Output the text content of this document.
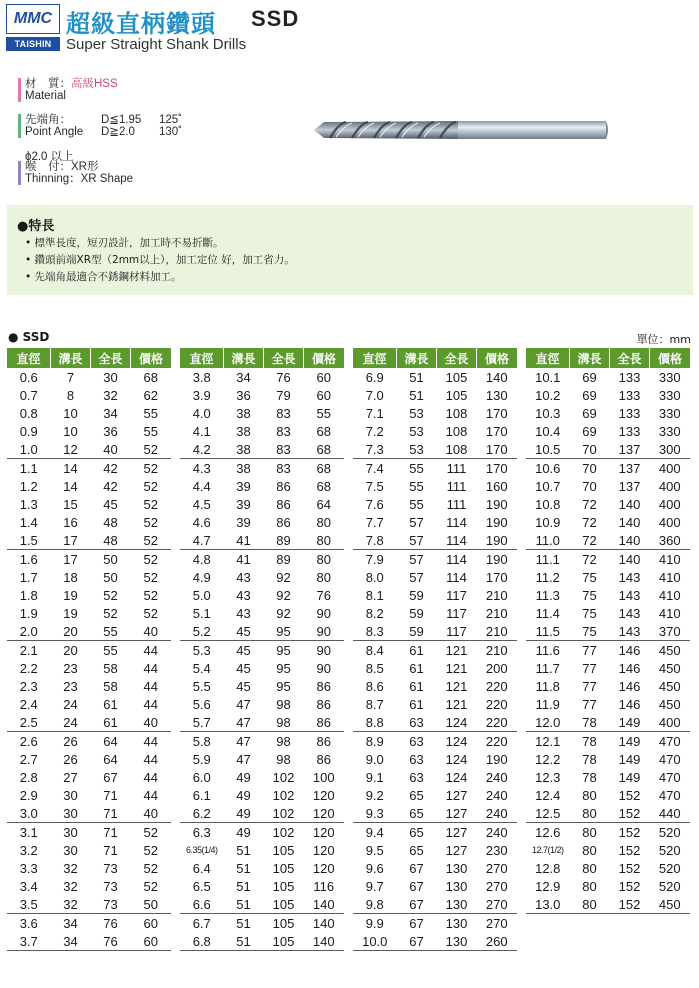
MMC
TAISHIN
超級直柄鑽頭 SSD
Super Straight Shank Drills
材　質：高級HSS
Material
先端角：	D≦1.95	125˚
Point Angle	D≧2.0	130˚
ϕ2.0 以上
喉　付：XR形
Thinning：XR Shape
●特長
• 標準長度，短刃設計，加工時不易折斷。
• 鑽頭前端XR型（2mm以上），加工定位 好，加工省力。
• 先端角最適合不銹鋼材料加工。
● SSD	單位：mm
直徑	溝長	全長	價格
0.6	7	30	68
0.7	8	32	62
0.8	10	34	55
0.9	10	36	55
1.0	12	40	52
1.1	14	42	52
1.2	14	42	52
1.3	15	45	52
1.4	16	48	52
1.5	17	48	52
1.6	17	50	52
1.7	18	50	52
1.8	19	52	52
1.9	19	52	52
2.0	20	55	40
2.1	20	55	44
2.2	23	58	44
2.3	23	58	44
2.4	24	61	44
2.5	24	61	40
2.6	26	64	44
2.7	26	64	44
2.8	27	67	44
2.9	30	71	44
3.0	30	71	40
3.1	30	71	52
3.2	30	71	52
3.3	32	73	52
3.4	32	73	52
3.5	32	73	50
3.6	34	76	60
3.7	34	76	60
直徑	溝長	全長	價格
3.8	34	76	60
3.9	36	79	60
4.0	38	83	55
4.1	38	83	68
4.2	38	83	68
4.3	38	83	68
4.4	39	86	68
4.5	39	86	64
4.6	39	86	80
4.7	41	89	80
4.8	41	89	80
4.9	43	92	80
5.0	43	92	76
5.1	43	92	90
5.2	45	95	90
5.3	45	95	90
5.4	45	95	90
5.5	45	95	86
5.6	47	98	86
5.7	47	98	86
5.8	47	98	86
5.9	47	98	86
6.0	49	102	100
6.1	49	102	120
6.2	49	102	120
6.3	49	102	120
6.35(1/4)	51	105	120
6.4	51	105	120
6.5	51	105	116
6.6	51	105	140
6.7	51	105	140
6.8	51	105	140
直徑	溝長	全長	價格
6.9	51	105	140
7.0	51	105	130
7.1	53	108	170
7.2	53	108	170
7.3	53	108	170
7.4	55	111	170
7.5	55	111	160
7.6	55	111	190
7.7	57	114	190
7.8	57	114	190
7.9	57	114	190
8.0	57	114	170
8.1	59	117	210
8.2	59	117	210
8.3	59	117	210
8.4	61	121	210
8.5	61	121	200
8.6	61	121	220
8.7	61	121	220
8.8	63	124	220
8.9	63	124	220
9.0	63	124	190
9.1	63	124	240
9.2	65	127	240
9.3	65	127	240
9.4	65	127	240
9.5	65	127	230
9.6	67	130	270
9.7	67	130	270
9.8	67	130	270
9.9	67	130	270
10.0	67	130	260
直徑	溝長	全長	價格
10.1	69	133	330
10.2	69	133	330
10.3	69	133	330
10.4	69	133	330
10.5	70	137	300
10.6	70	137	400
10.7	70	137	400
10.8	72	140	400
10.9	72	140	400
11.0	72	140	360
11.1	72	140	410
11.2	75	143	410
11.3	75	143	410
11.4	75	143	410
11.5	75	143	370
11.6	77	146	450
11.7	77	146	450
11.8	77	146	450
11.9	77	146	450
12.0	78	149	400
12.1	78	149	470
12.2	78	149	470
12.3	78	149	470
12.4	80	152	470
12.5	80	152	440
12.6	80	152	520
12.7(1/2)	80	152	520
12.8	80	152	520
12.9	80	152	520
13.0	80	152	450
